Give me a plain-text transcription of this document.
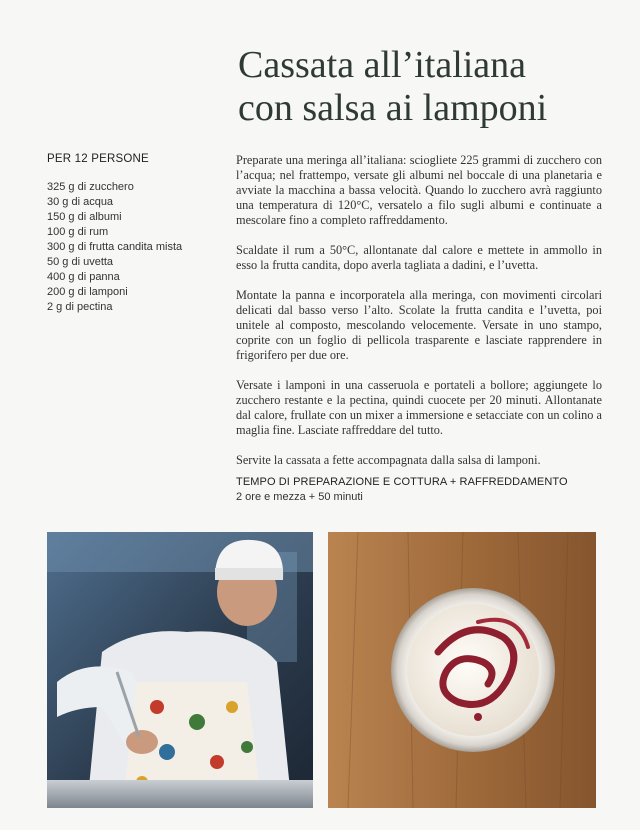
Cassata all’italiana
con salsa ai lamponi
PER 12 PERSONE
325 g di zucchero
30 g di acqua
150 g di albumi
100 g di rum
300 g di frutta candita mista
50 g di uvetta
400 g di panna
200 g di lamponi
2 g di pectina

Preparate una meringa all’italiana: sciogliete 225 grammi di zucchero con l’acqua; nel frattempo, versate gli albumi nel boccale di una planetaria e avviate la macchina a bassa velocità. Quando lo zucchero avrà raggiunto una temperatura di 120°C, versatelo a filo sugli albumi e continuate a mescolare fino a completo raffreddamento.

Scaldate il rum a 50°C, allontanate dal calore e mettete in ammollo in esso la frutta candita, dopo averla tagliata a dadini, e l’uvetta.

Montate la panna e incorporatela alla meringa, con movimenti circolari delicati dal basso verso l’alto. Scolate la frutta candita e l’uvetta, poi unitele al composto, mescolando velocemente. Versate in uno stampo, coprite con un foglio di pellicola trasparente e lasciate rapprendere in frigorifero per due ore.

Versate i lamponi in una casseruola e portateli a bollore; aggiungete lo zucchero restante e la pectina, quindi cuocete per 20 minuti. Allontanate dal calore, frullate con un mixer a immersione e setacciate con un colino a maglia fine. Lasciate raffreddare del tutto.

Servite la cassata a fette accompagnata dalla salsa di lamponi.

TEMPO DI PREPARAZIONE E COTTURA + RAFFREDDAMENTO
2 ore e mezza + 50 minuti
